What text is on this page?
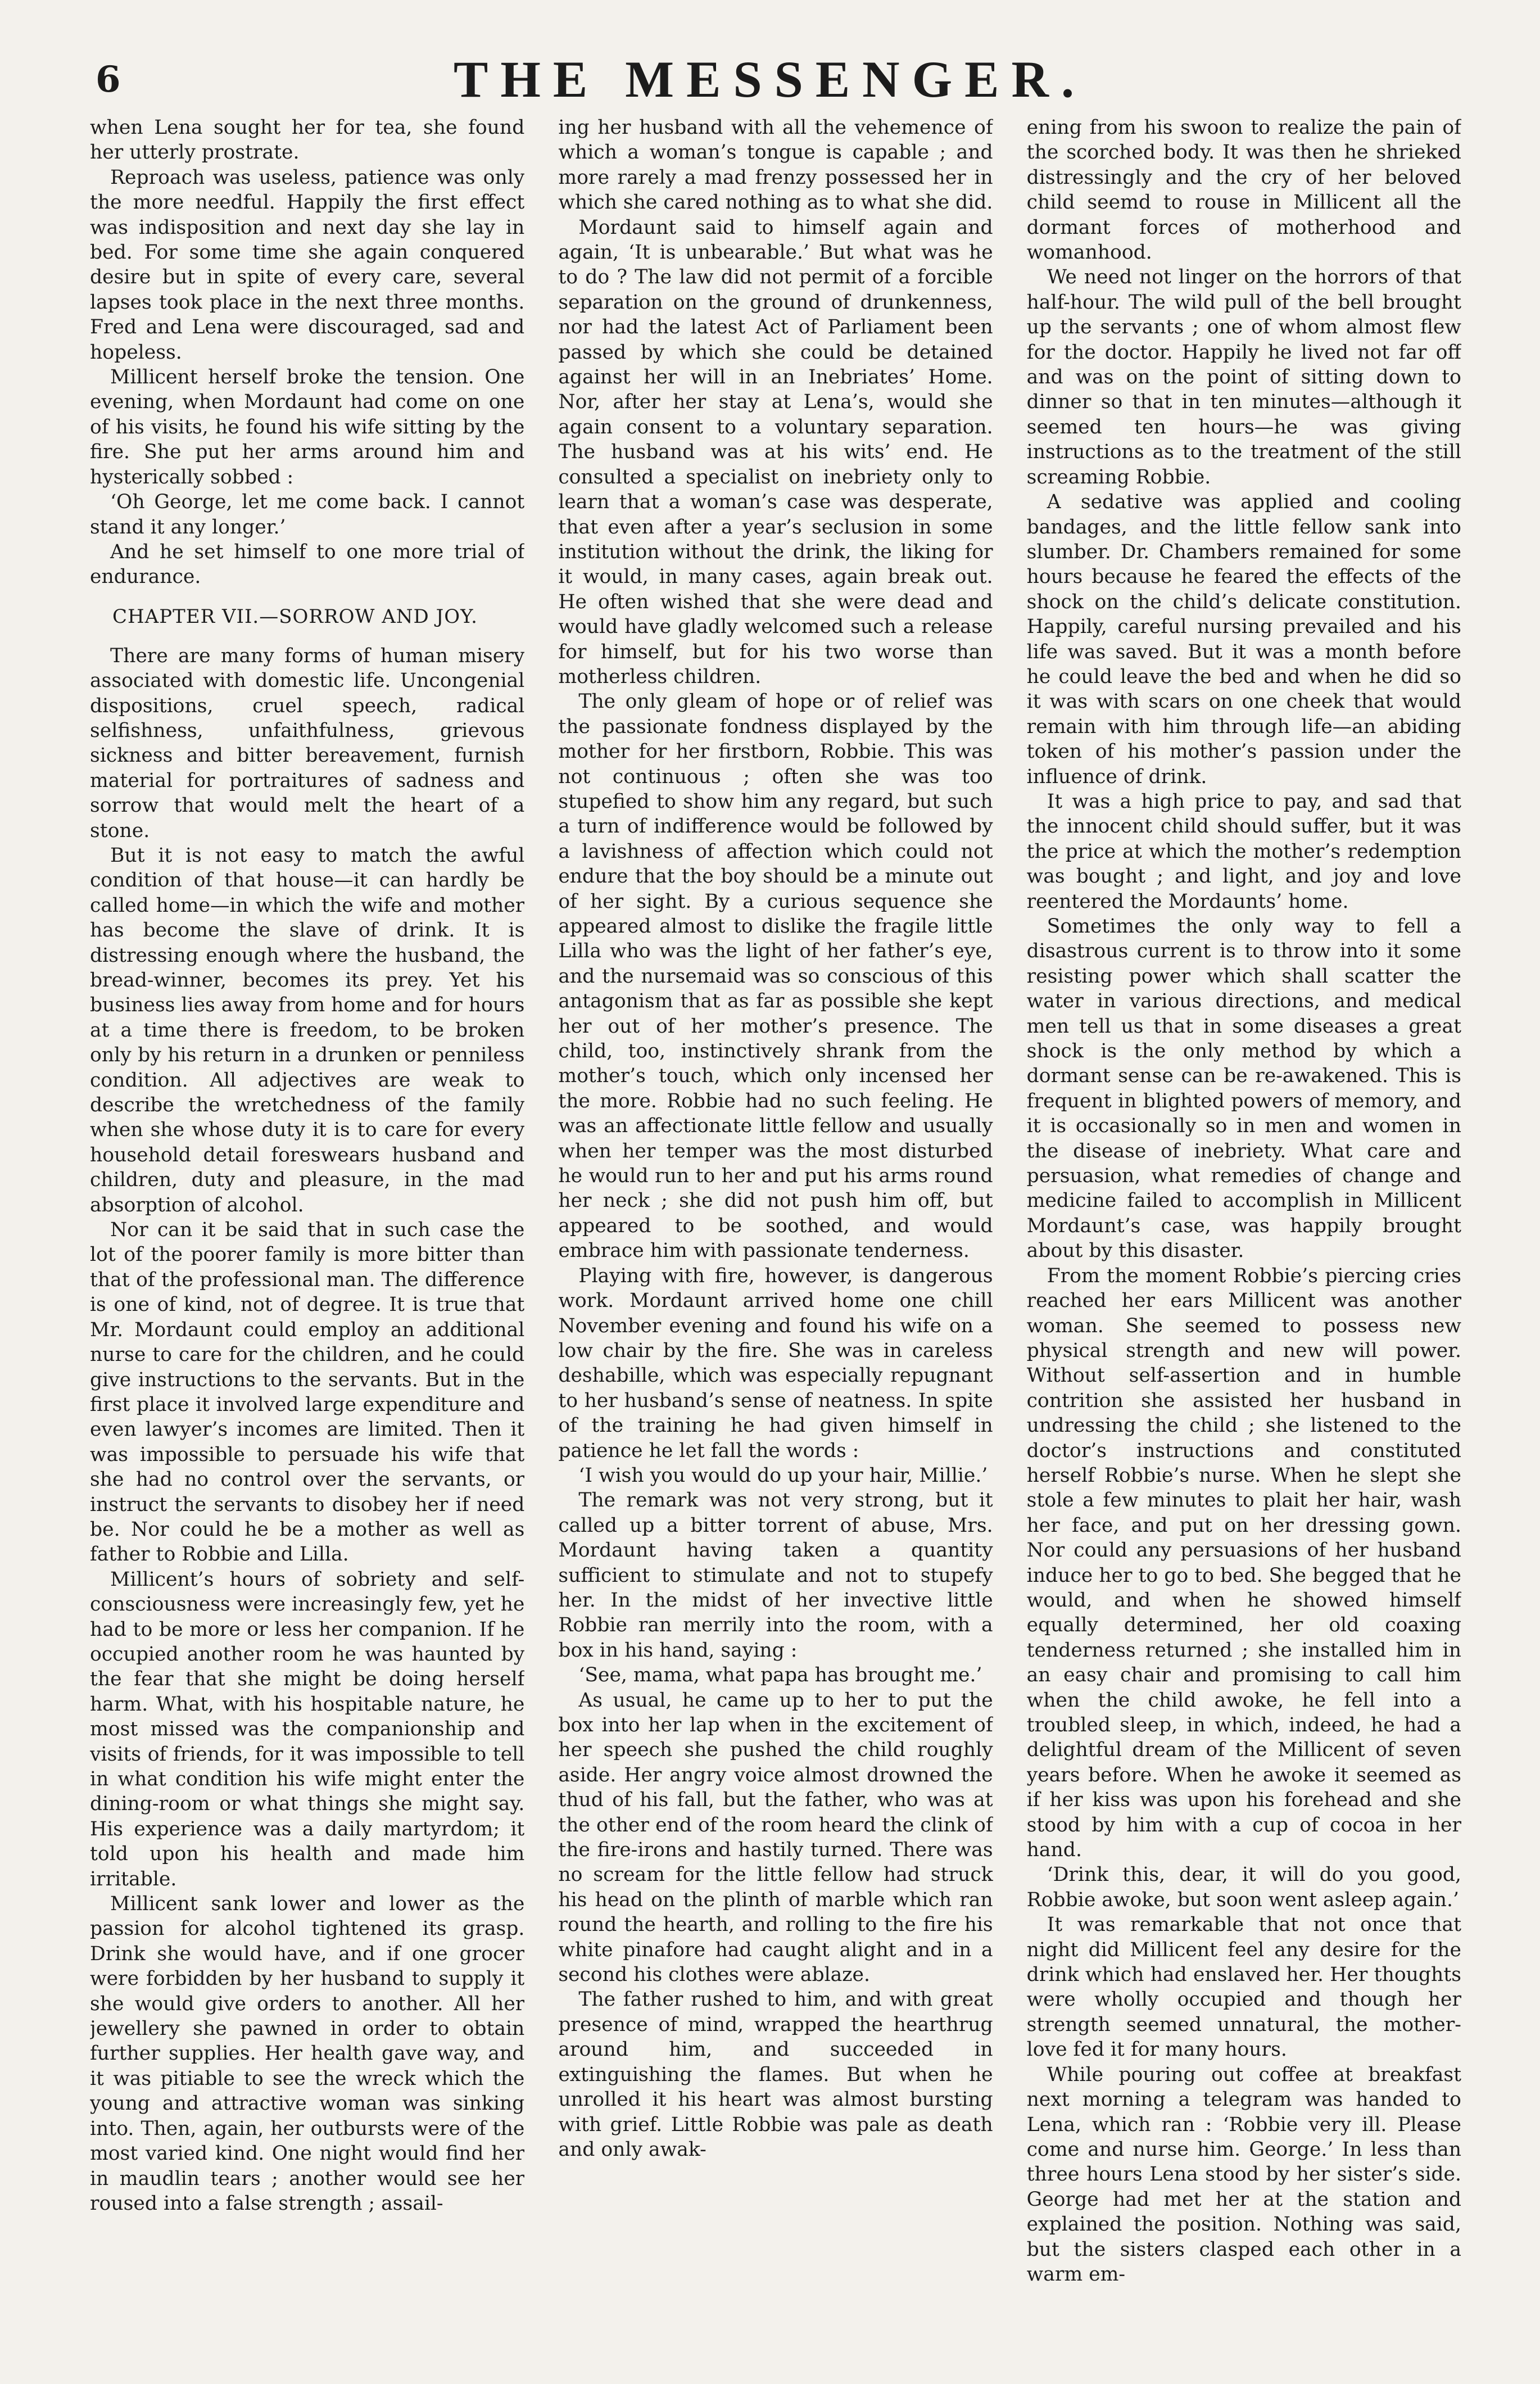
6	THE MESSENGER.

when Lena sought her for tea, she found her utterly prostrate.

Reproach was useless, patience was only the more needful. Happily the first effect was indisposition and next day she lay in bed. For some time she again conquered desire but in spite of every care, several lapses took place in the next three months. Fred and Lena were discouraged, sad and hopeless.

Millicent herself broke the tension. One evening, when Mordaunt had come on one of his visits, he found his wife sitting by the fire. She put her arms around him and hysterically sobbed :

‘Oh George, let me come back. I cannot stand it any longer.’

And he set himself to one more trial of endurance.

CHAPTER VII.—SORROW AND JOY.

There are many forms of human misery associated with domestic life. Uncongenial dispositions, cruel speech, radical selfishness, unfaithfulness, grievous sickness and bitter bereavement, furnish material for portraitures of sadness and sorrow that would melt the heart of a stone.

But it is not easy to match the awful condition of that house—it can hardly be called home—in which the wife and mother has become the slave of drink. It is distressing enough where the husband, the bread-winner, becomes its prey. Yet his business lies away from home and for hours at a time there is freedom, to be broken only by his return in a drunken or penniless condition. All adjectives are weak to describe the wretchedness of the family when she whose duty it is to care for every household detail foreswears husband and children, duty and pleasure, in the mad absorption of alcohol.

Nor can it be said that in such case the lot of the poorer family is more bitter than that of the professional man. The difference is one of kind, not of degree. It is true that Mr. Mordaunt could employ an additional nurse to care for the children, and he could give instructions to the servants. But in the first place it involved large expenditure and even lawyer’s incomes are limited. Then it was impossible to persuade his wife that she had no control over the servants, or instruct the servants to disobey her if need be. Nor could he be a mother as well as father to Robbie and Lilla.

Millicent’s hours of sobriety and self-consciousness were increasingly few, yet he had to be more or less her companion. If he occupied another room he was haunted by the fear that she might be doing herself harm. What, with his hospitable nature, he most missed was the companionship and visits of friends, for it was impossible to tell in what condition his wife might enter the dining-room or what things she might say. His experience was a daily martyrdom; it told upon his health and made him irritable.

Millicent sank lower and lower as the passion for alcohol tightened its grasp. Drink she would have, and if one grocer were forbidden by her husband to supply it she would give orders to another. All her jewellery she pawned in order to obtain further supplies. Her health gave way, and it was pitiable to see the wreck which the young and attractive woman was sinking into. Then, again, her outbursts were of the most varied kind. One night would find her in maudlin tears ; another would see her roused into a false strength ; assail-

ing her husband with all the vehemence of which a woman’s tongue is capable ; and more rarely a mad frenzy possessed her in which she cared nothing as to what she did.

Mordaunt said to himself again and again, ‘It is unbearable.’ But what was he to do ? The law did not permit of a forcible separation on the ground of drunkenness, nor had the latest Act of Parliament been passed by which she could be detained against her will in an Inebriates’ Home. Nor, after her stay at Lena’s, would she again consent to a voluntary separation. The husband was at his wits’ end. He consulted a specialist on inebriety only to learn that a woman’s case was desperate, that even after a year’s seclusion in some institution without the drink, the liking for it would, in many cases, again break out. He often wished that she were dead and would have gladly welcomed such a release for himself, but for his two worse than motherless children.

The only gleam of hope or of relief was the passionate fondness displayed by the mother for her firstborn, Robbie. This was not continuous ; often she was too stupefied to show him any regard, but such a turn of indifference would be followed by a lavishness of affection which could not endure that the boy should be a minute out of her sight. By a curious sequence she appeared almost to dislike the fragile little Lilla who was the light of her father’s eye, and the nursemaid was so conscious of this antagonism that as far as possible she kept her out of her mother’s presence. The child, too, instinctively shrank from the mother’s touch, which only incensed her the more. Robbie had no such feeling. He was an affectionate little fellow and usually when her temper was the most disturbed he would run to her and put his arms round her neck ; she did not push him off, but appeared to be soothed, and would embrace him with passionate tenderness.

Playing with fire, however, is dangerous work. Mordaunt arrived home one chill November evening and found his wife on a low chair by the fire. She was in careless deshabille, which was especially repugnant to her husband’s sense of neatness. In spite of the training he had given himself in patience he let fall the words :

‘I wish you would do up your hair, Millie.’

The remark was not very strong, but it called up a bitter torrent of abuse, Mrs. Mordaunt having taken a quantity sufficient to stimulate and not to stupefy her. In the midst of her invective little Robbie ran merrily into the room, with a box in his hand, saying :

‘See, mama, what papa has brought me.’

As usual, he came up to her to put the box into her lap when in the excitement of her speech she pushed the child roughly aside. Her angry voice almost drowned the thud of his fall, but the father, who was at the other end of the room heard the clink of the fire-irons and hastily turned. There was no scream for the little fellow had struck his head on the plinth of marble which ran round the hearth, and rolling to the fire his white pinafore had caught alight and in a second his clothes were ablaze.

The father rushed to him, and with great presence of mind, wrapped the hearthrug around him, and succeeded in extinguishing the flames. But when he unrolled it his heart was almost bursting with grief. Little Robbie was pale as death and only awak-

ening from his swoon to realize the pain of the scorched body. It was then he shrieked distressingly and the cry of her beloved child seemd to rouse in Millicent all the dormant forces of motherhood and womanhood.

We need not linger on the horrors of that half-hour. The wild pull of the bell brought up the servants ; one of whom almost flew for the doctor. Happily he lived not far off and was on the point of sitting down to dinner so that in ten minutes—although it seemed ten hours—he was giving instructions as to the treatment of the still screaming Robbie.

A sedative was applied and cooling bandages, and the little fellow sank into slumber. Dr. Chambers remained for some hours because he feared the effects of the shock on the child’s delicate constitution. Happily, careful nursing prevailed and his life was saved. But it was a month before he could leave the bed and when he did so it was with scars on one cheek that would remain with him through life—an abiding token of his mother’s passion under the influence of drink.

It was a high price to pay, and sad that the innocent child should suffer, but it was the price at which the mother’s redemption was bought ; and light, and joy and love reentered the Mordaunts’ home.

Sometimes the only way to fell a disastrous current is to throw into it some resisting power which shall scatter the water in various directions, and medical men tell us that in some diseases a great shock is the only method by which a dormant sense can be re-awakened. This is frequent in blighted powers of memory, and it is occasionally so in men and women in the disease of inebriety. What care and persuasion, what remedies of change and medicine failed to accomplish in Millicent Mordaunt’s case, was happily brought about by this disaster.

From the moment Robbie’s piercing cries reached her ears Millicent was another woman. She seemed to possess new physical strength and new will power. Without self-assertion and in humble contrition she assisted her husband in undressing the child ; she listened to the doctor’s instructions and constituted herself Robbie’s nurse. When he slept she stole a few minutes to plait her hair, wash her face, and put on her dressing gown. Nor could any persuasions of her husband induce her to go to bed. She begged that he would, and when he showed himself equally determined, her old coaxing tenderness returned ; she installed him in an easy chair and promising to call him when the child awoke, he fell into a troubled sleep, in which, indeed, he had a delightful dream of the Millicent of seven years before. When he awoke it seemed as if her kiss was upon his forehead and she stood by him with a cup of cocoa in her hand.

‘Drink this, dear, it will do you good, Robbie awoke, but soon went asleep again.’

It was remarkable that not once that night did Millicent feel any desire for the drink which had enslaved her. Her thoughts were wholly occupied and though her strength seemed unnatural, the mother-love fed it for many hours.

While pouring out coffee at breakfast next morning a telegram was handed to Lena, which ran : ‘Robbie very ill. Please come and nurse him. George.’ In less than three hours Lena stood by her sister’s side. George had met her at the station and explained the position. Nothing was said, but the sisters clasped each other in a warm em-
